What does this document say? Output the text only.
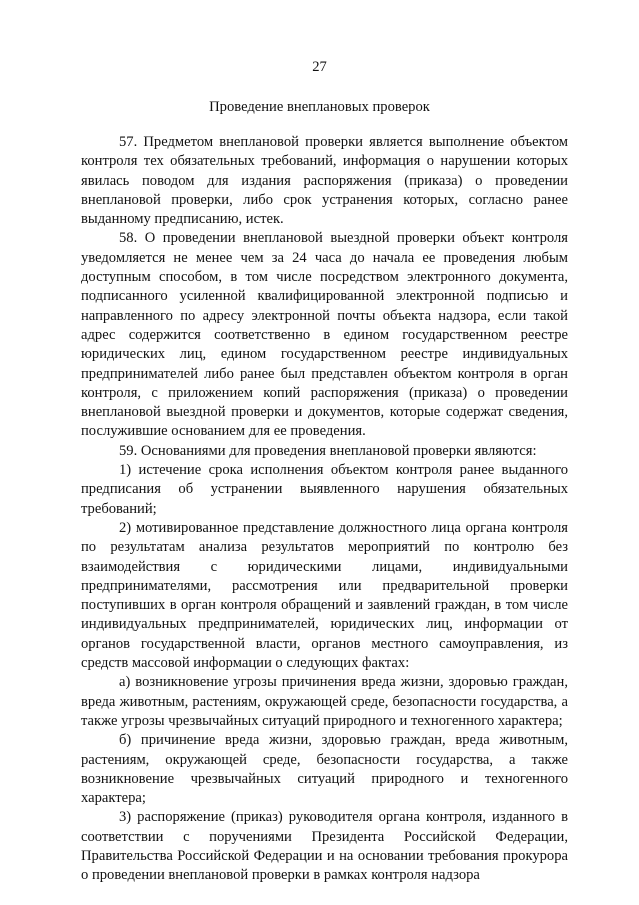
27
Проведение внеплановых проверок

57. Предметом внеплановой проверки является выполнение объектом контроля тех обязательных требований, информация о нарушении которых явилась поводом для издания распоряжения (приказа) о проведении внеплановой проверки, либо срок устранения которых, согласно ранее выданному предписанию, истек.

58. О проведении внеплановой выездной проверки объект контроля уведомляется не менее чем за 24 часа до начала ее проведения любым доступным способом, в том числе посредством электронного документа, подписанного усиленной квалифицированной электронной подписью и направленного по адресу электронной почты объекта надзора, если такой адрес содержится соответственно в едином государственном реестре юридических лиц, едином государственном реестре индивидуальных предпринимателей либо ранее был представлен объектом контроля в орган контроля, с приложением копий распоряжения (приказа) о проведении внеплановой выездной проверки и документов, которые содержат сведения, послужившие основанием для ее проведения.

59. Основаниями для проведения внеплановой проверки являются:

1) истечение срока исполнения объектом контроля ранее выданного предписания об устранении выявленного нарушения обязательных требований;

2) мотивированное представление должностного лица органа контроля по результатам анализа результатов мероприятий по контролю без взаимодействия с юридическими лицами, индивидуальными предпринимателями, рассмотрения или предварительной проверки поступивших в орган контроля обращений и заявлений граждан, в том числе индивидуальных предпринимателей, юридических лиц, информации от органов государственной власти, органов местного самоуправления, из средств массовой информации о следующих фактах:

а) возникновение угрозы причинения вреда жизни, здоровью граждан, вреда животным, растениям, окружающей среде, безопасности государства, а также угрозы чрезвычайных ситуаций природного и техногенного характера;

б) причинение вреда жизни, здоровью граждан, вреда животным, растениям, окружающей среде, безопасности государства, а также возникновение чрезвычайных ситуаций природного и техногенного характера;

3) распоряжение (приказ) руководителя органа контроля, изданного в соответствии с поручениями Президента Российской Федерации, Правительства Российской Федерации и на основании требования прокурора о проведении внеплановой проверки в рамках контроля надзора
